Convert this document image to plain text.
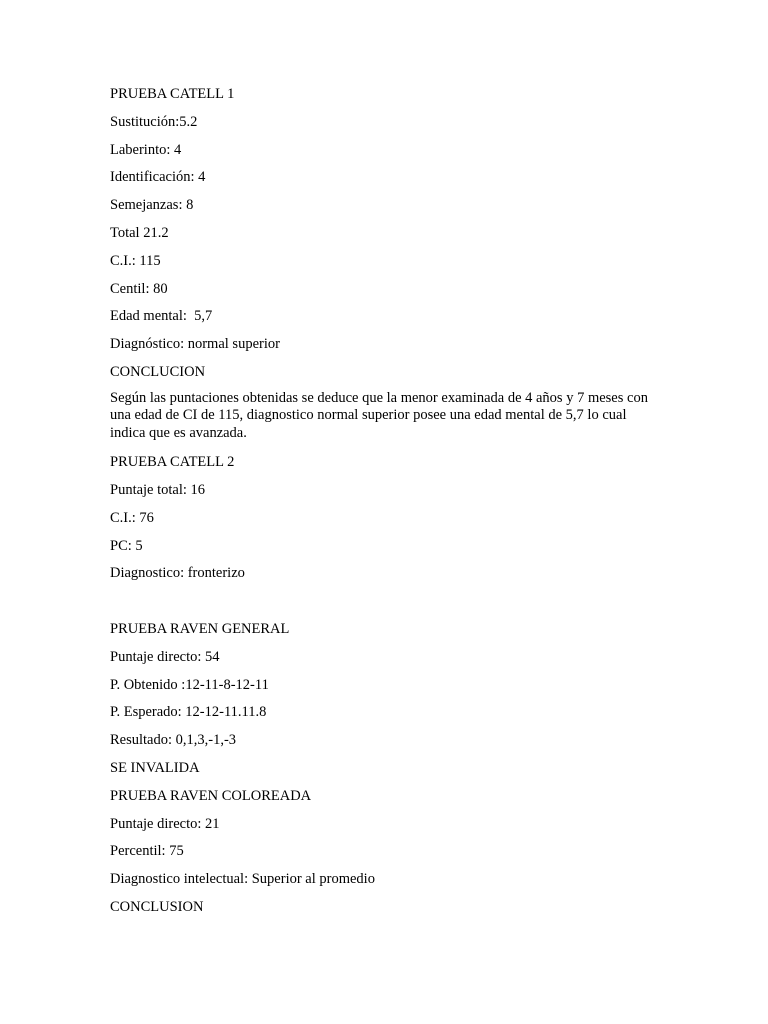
PRUEBA CATELL 1
Sustitución:5.2
Laberinto: 4
Identificación: 4
Semejanzas: 8
Total 21.2
C.I.: 115
Centil: 80
Edad mental:  5,7
Diagnóstico: normal superior
CONCLUCION
Según las puntaciones obtenidas se deduce que la menor examinada de 4 años y 7 meses con una edad de CI de 115, diagnostico normal superior posee una edad mental de 5,7 lo cual indica que es avanzada.
PRUEBA CATELL 2
Puntaje total: 16
C.I.: 76
PC: 5
Diagnostico: fronterizo
PRUEBA RAVEN GENERAL
Puntaje directo: 54
P. Obtenido :12-11-8-12-11
P. Esperado: 12-12-11.11.8
Resultado: 0,1,3,-1,-3
SE INVALIDA
PRUEBA RAVEN COLOREADA
Puntaje directo: 21
Percentil: 75
Diagnostico intelectual: Superior al promedio
CONCLUSION
